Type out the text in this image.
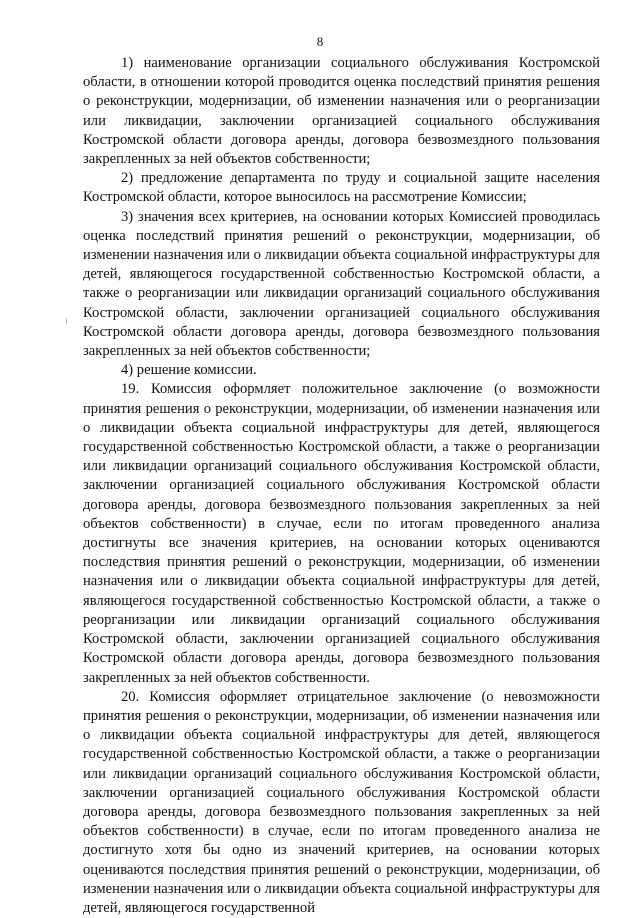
8

1) наименование организации социального обслуживания Костромской области, в отношении которой проводится оценка последствий принятия решения о реконструкции, модернизации, об изменении назначения или о реорганизации или ликвидации, заключении организацией социального обслуживания Костромской области договора аренды, договора безвозмездного пользования закрепленных за ней объектов собственности;

2) предложение департамента по труду и социальной защите населения Костромской области, которое выносилось на рассмотрение Комиссии;

3) значения всех критериев, на основании которых Комиссией проводилась оценка последствий принятия решений о реконструкции, модернизации, об изменении назначения или о ликвидации объекта социальной инфраструктуры для детей, являющегося государственной собственностью Костромской области, а также о реорганизации или ликвидации организаций социального обслуживания Костромской области, заключении организацией социального обслуживания Костромской области договора аренды, договора безвозмездного пользования закрепленных за ней объектов собственности;

4) решение комиссии.

19. Комиссия оформляет положительное заключение (о возможности принятия решения о реконструкции, модернизации, об изменении назначения или о ликвидации объекта социальной инфраструктуры для детей, являющегося государственной собственностью Костромской области, а также о реорганизации или ликвидации организаций социального обслуживания Костромской области, заключении организацией социального обслуживания Костромской области договора аренды, договора безвозмездного пользования закрепленных за ней объектов собственности) в случае, если по итогам проведенного анализа достигнуты все значения критериев, на основании которых оцениваются последствия принятия решений о реконструкции, модернизации, об изменении назначения или о ликвидации объекта социальной инфраструктуры для детей, являющегося государственной собственностью Костромской области, а также о реорганизации или ликвидации организаций социального обслуживания Костромской области, заключении организацией социального обслуживания Костромской области договора аренды, договора безвозмездного пользования закрепленных за ней объектов собственности.

20. Комиссия оформляет отрицательное заключение (о невозможности принятия решения о реконструкции, модернизации, об изменении назначения или о ликвидации объекта социальной инфраструктуры для детей, являющегося государственной собственностью Костромской области, а также о реорганизации или ликвидации организаций социального обслуживания Костромской области, заключении организацией социального обслуживания Костромской области договора аренды, договора безвозмездного пользования закрепленных за ней объектов собственности) в случае, если по итогам проведенного анализа не достигнуто хотя бы одно из значений критериев, на основании которых оцениваются последствия принятия решений о реконструкции, модернизации, об изменении назначения или о ликвидации объекта социальной инфраструктуры для детей, являющегося государственной
